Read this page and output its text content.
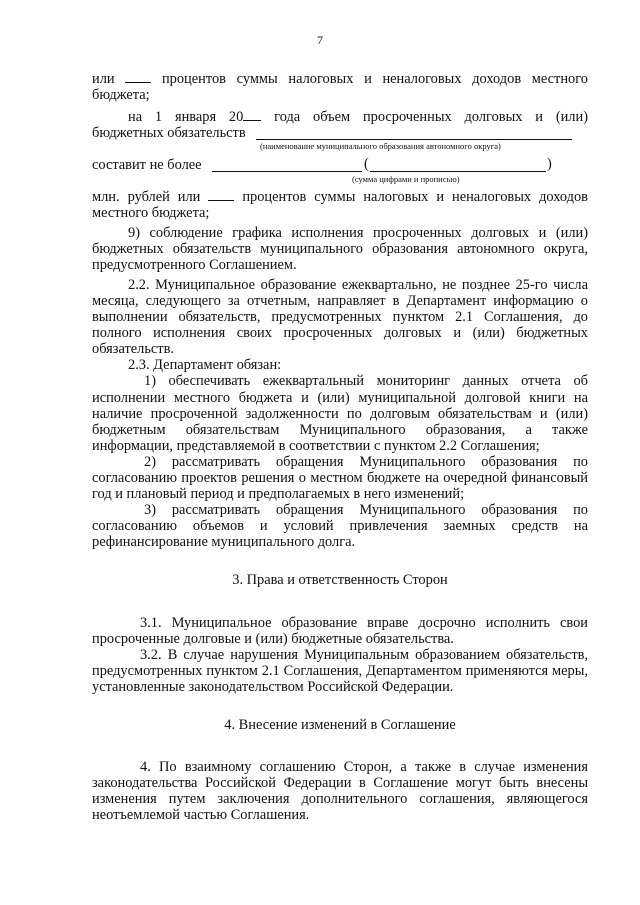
7

или	процентов суммы налоговых и неналоговых доходов местного

бюджета;

на 1 января 20 года объем просроченных долговых и (или)

бюджетных обязательств
(наименование муниципального образования автономного округа)
составит не более	(	)
(сумма цифрами и прописью)

млн. рублей или	процентов суммы налоговых и неналоговых доходов

местного бюджета;

9) соблюдение графика исполнения просроченных долговых и (или) бюджетных обязательств муниципального образования автономного округа, предусмотренного Соглашением.

2.2. Муниципальное образование ежеквартально, не позднее 25-го числа месяца, следующего за отчетным, направляет в Департамент информацию о выполнении обязательств, предусмотренных пунктом 2.1 Соглашения, до полного исполнения своих просроченных долговых и (или) бюджетных обязательств.

2.3. Департамент обязан:

1) обеспечивать ежеквартальный мониторинг данных отчета об исполнении местного бюджета и (или) муниципальной долговой книги на наличие просроченной задолженности по долговым обязательствам и (или) бюджетным обязательствам Муниципального образования, а также информации, представляемой в соответствии с пунктом 2.2 Соглашения;

2) рассматривать обращения Муниципального образования по согласованию проектов решения о местном бюджете на очередной финансовый год и плановый период и предполагаемых в него изменений;

3) рассматривать обращения Муниципального образования по согласованию объемов и условий привлечения заемных средств на рефинансирование муниципального долга.

3. Права и ответственность Сторон

3.1. Муниципальное образование вправе досрочно исполнить свои просроченные долговые и (или) бюджетные обязательства.

3.2. В случае нарушения Муниципальным образованием обязательств, предусмотренных пунктом 2.1 Соглашения, Департаментом применяются меры, установленные законодательством Российской Федерации.

4. Внесение изменений в Соглашение

4. По взаимному соглашению Сторон, а также в случае изменения законодательства Российской Федерации в Соглашение могут быть внесены изменения путем заключения дополнительного соглашения, являющегося неотъемлемой частью Соглашения.
